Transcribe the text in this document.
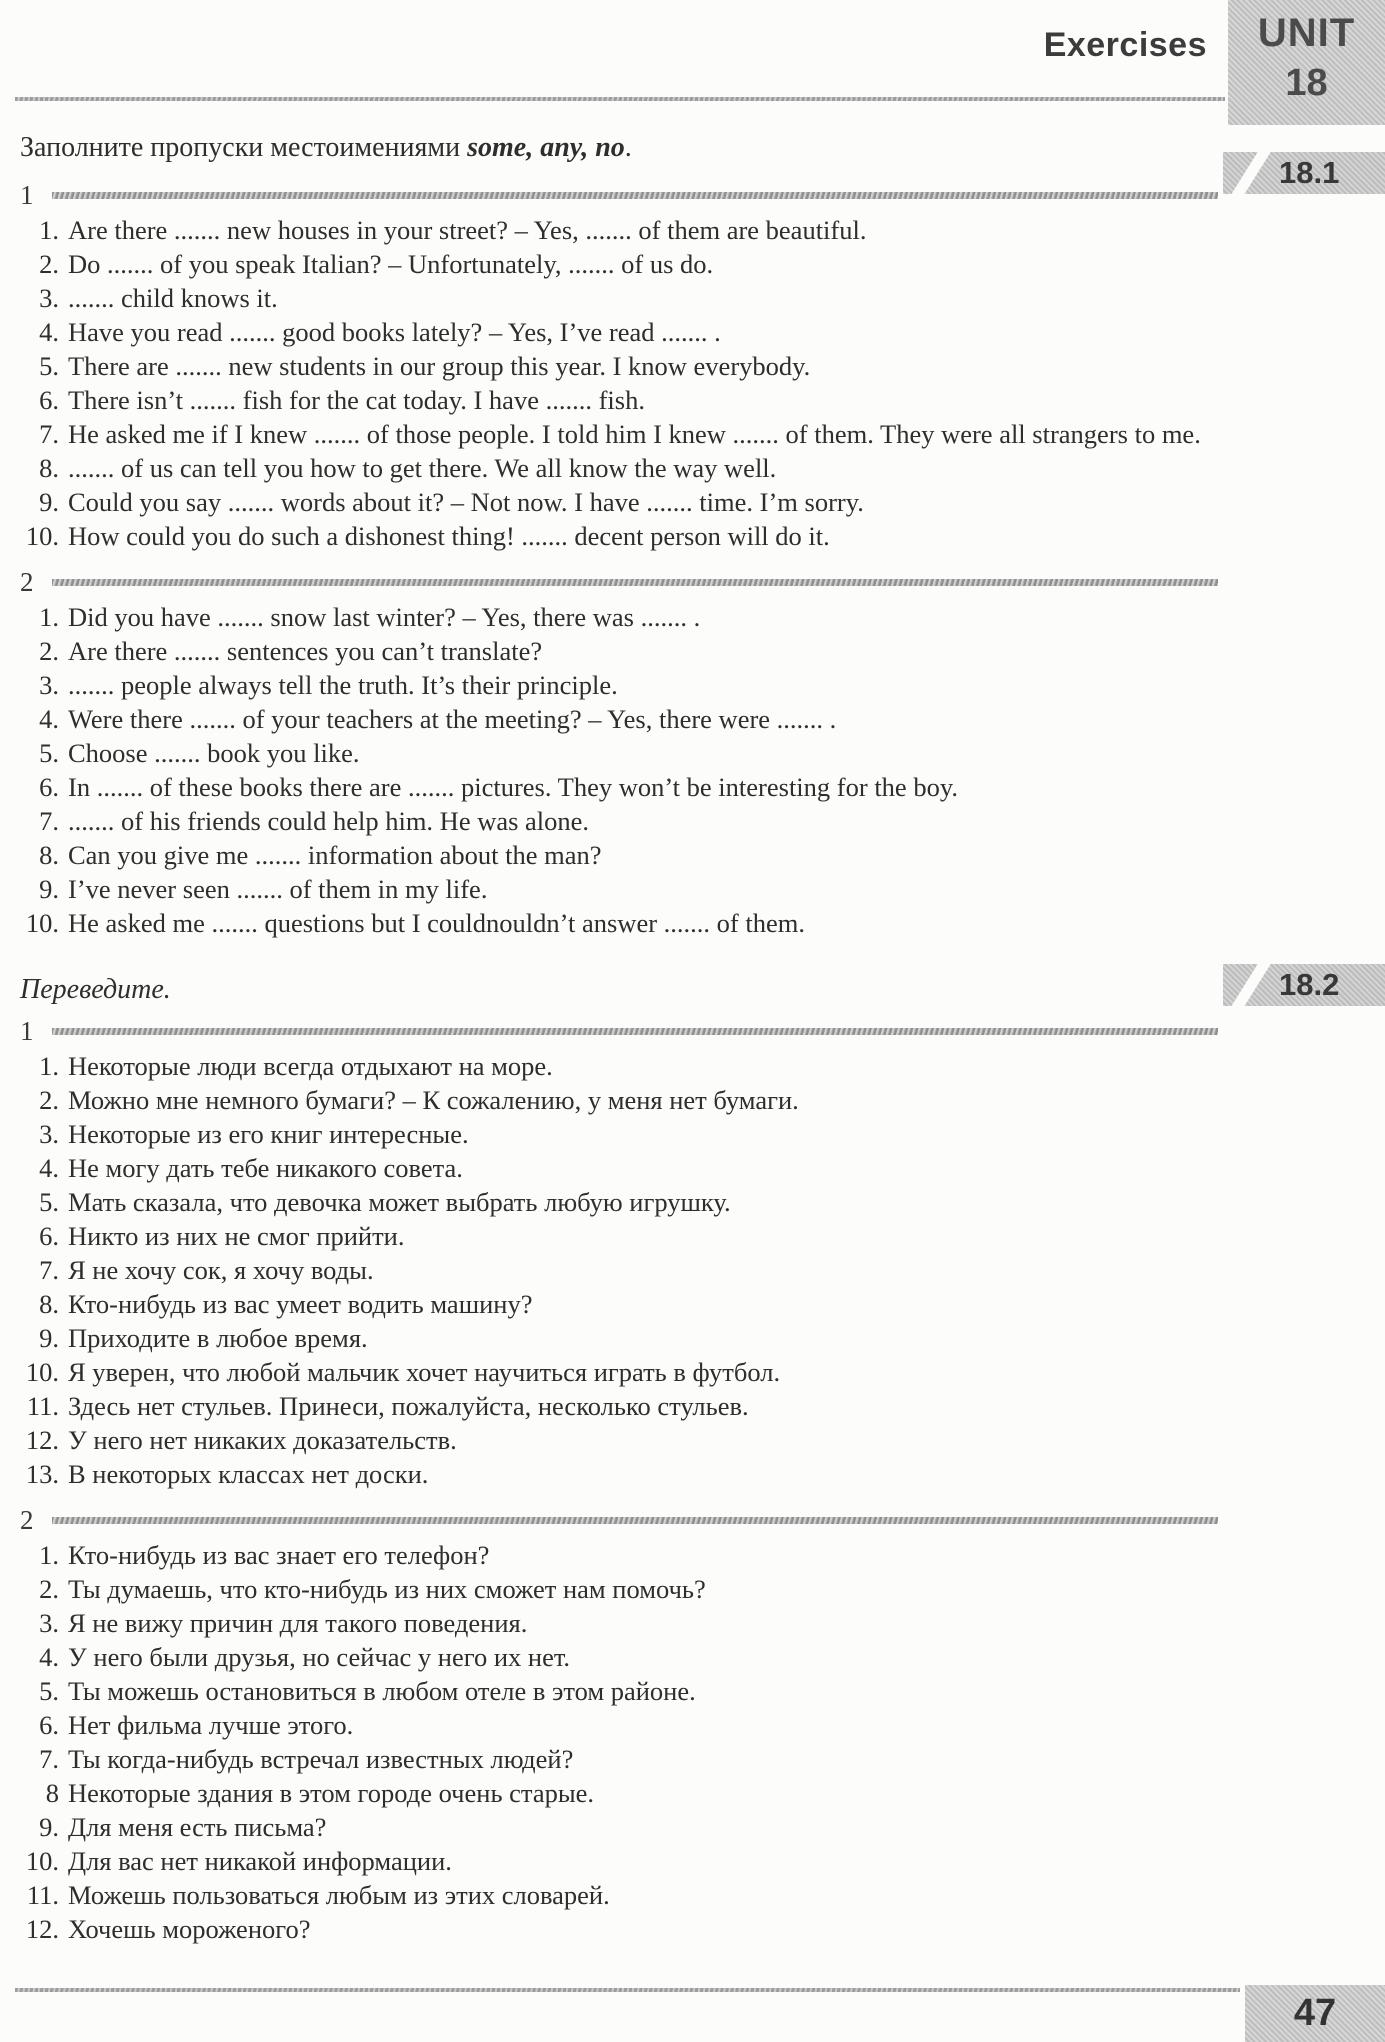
Exercises	UNIT
18
Заполните пропуски местоимениями some, any, no.
18.1
1
1. Are there ....... new houses in your street? – Yes, ....... of them are beautiful.
2. Do ....... of you speak Italian? – Unfortunately, ....... of us do.
3. ....... child knows it.
4. Have you read ....... good books lately? – Yes, I’ve read ....... .
5. There are ....... new students in our group this year. I know everybody.
6. There isn’t ....... fish for the cat today. I have ....... fish.
7. He asked me if I knew ....... of those people. I told him I knew ....... of them. They were all strangers to me.
8. ....... of us can tell you how to get there. We all know the way well.
9. Could you say ....... words about it? – Not now. I have ....... time. I’m sorry.
10. How could you do such a dishonest thing! ....... decent person will do it.
2
1. Did you have ....... snow last winter? – Yes, there was ....... .
2. Are there ....... sentences you can’t translate?
3. ....... people always tell the truth. It’s their principle.
4. Were there ....... of your teachers at the meeting? – Yes, there were ....... .
5. Choose ....... book you like.
6. In ....... of these books there are ....... pictures. They won’t be interesting for the boy.
7. ....... of his friends could help him. He was alone.
8. Can you give me ....... information about the man?
9. I’ve never seen ....... of them in my life.
10. He asked me ....... questions but I couldnouldn’t answer ....... of them.
Переведите.	18.2
1
1. Некоторые люди всегда отдыхают на море.
2. Можно мне немного бумаги? – К сожалению, у меня нет бумаги.
3. Некоторые из его книг интересные.
4. Не могу дать тебе никакого совета.
5. Мать сказала, что девочка может выбрать любую игрушку.
6. Никто из них не смог прийти.
7. Я не хочу сок, я хочу воды.
8. Кто-нибудь из вас умеет водить машину?
9. Приходите в любое время.
10. Я уверен, что любой мальчик хочет научиться играть в футбол.
11. Здесь нет стульев. Принеси, пожалуйста, несколько стульев.
12. У него нет никаких доказательств.
13. В некоторых классах нет доски.
2
1. Кто-нибудь из вас знает его телефон?
2. Ты думаешь, что кто-нибудь из них сможет нам помочь?
3. Я не вижу причин для такого поведения.
4. У него были друзья, но сейчас у него их нет.
5. Ты можешь остановиться в любом отеле в этом районе.
6. Нет фильма лучше этого.
7. Ты когда-нибудь встречал известных людей?
8 Некоторые здания в этом городе очень старые.
9. Для меня есть письма?
10. Для вас нет никакой информации.
11. Можешь пользоваться любым из этих словарей.
12. Хочешь мороженого?
47
